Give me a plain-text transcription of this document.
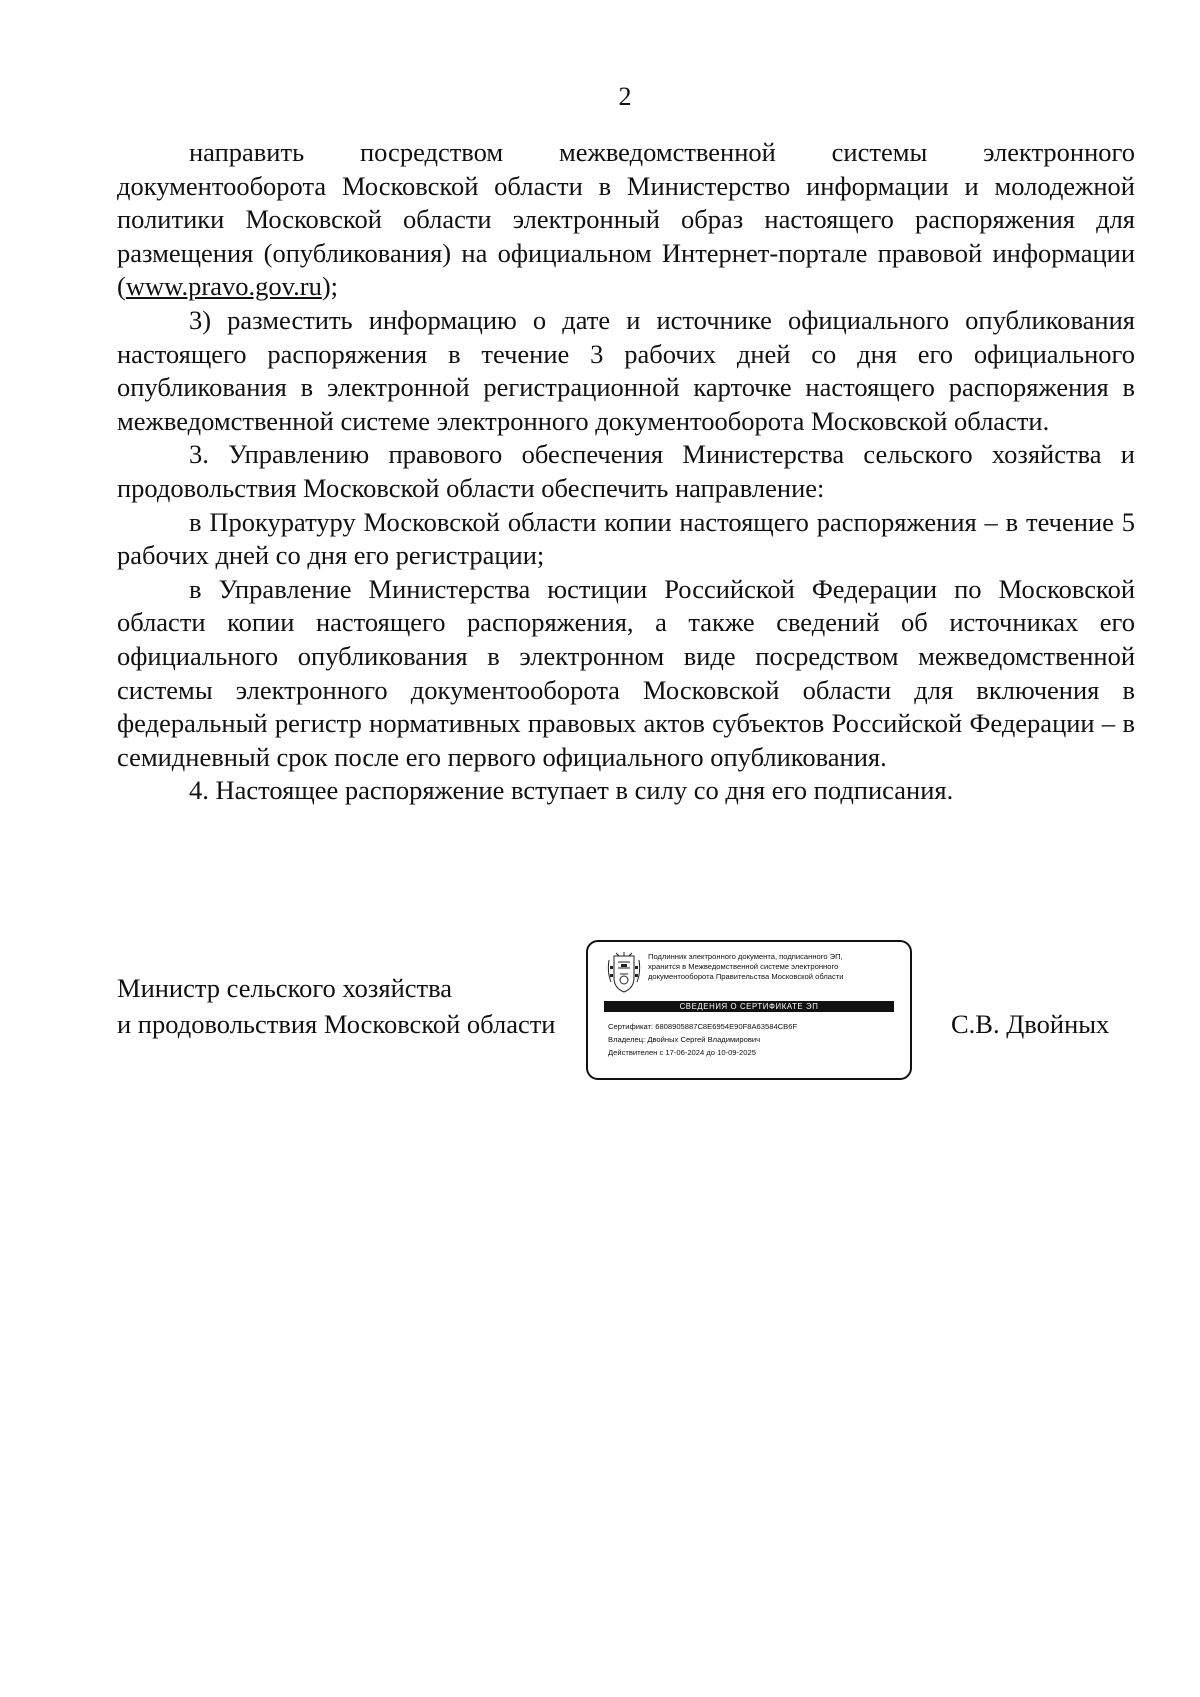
2

направить посредством межведомственной системы электронного документооборота Московской области в Министерство информации и молодежной политики Московской области электронный образ настоящего распоряжения для размещения (опубликования) на официальном Интернет-портале правовой информации (www.pravo.gov.ru);

3) разместить информацию о дате и источнике официального опубликования настоящего распоряжения в течение 3 рабочих дней со дня его официального опубликования в электронной регистрационной карточке настоящего распоряжения в межведомственной системе электронного документооборота Московской области.

3. Управлению правового обеспечения Министерства сельского хозяйства и продовольствия Московской области обеспечить направление:

в Прокуратуру Московской области копии настоящего распоряжения – в течение 5 рабочих дней со дня его регистрации;

в Управление Министерства юстиции Российской Федерации по Московской области копии настоящего распоряжения, а также сведений об источниках его официального опубликования в электронном виде посредством межведомственной системы электронного документооборота Московской области для включения в федеральный регистр нормативных правовых актов субъектов Российской Федерации – в семидневный срок после его первого официального опубликования.

4. Настоящее распоряжение вступает в силу со дня его подписания.

Министр сельского хозяйства
и продовольствия Московской области
Подлинник электронного документа, подписанного ЭП,
хранится в Межведомственной системе электронного
документооборота Правительства Московской области
СВЕДЕНИЯ О СЕРТИФИКАТЕ ЭП
Сертификат: 6808905887C8E6954E90F8A63584CB6F
Владелец: Двойных Сергей Владимирович
Действителен с 17-06-2024 до 10-09-2025
С.В. Двойных
